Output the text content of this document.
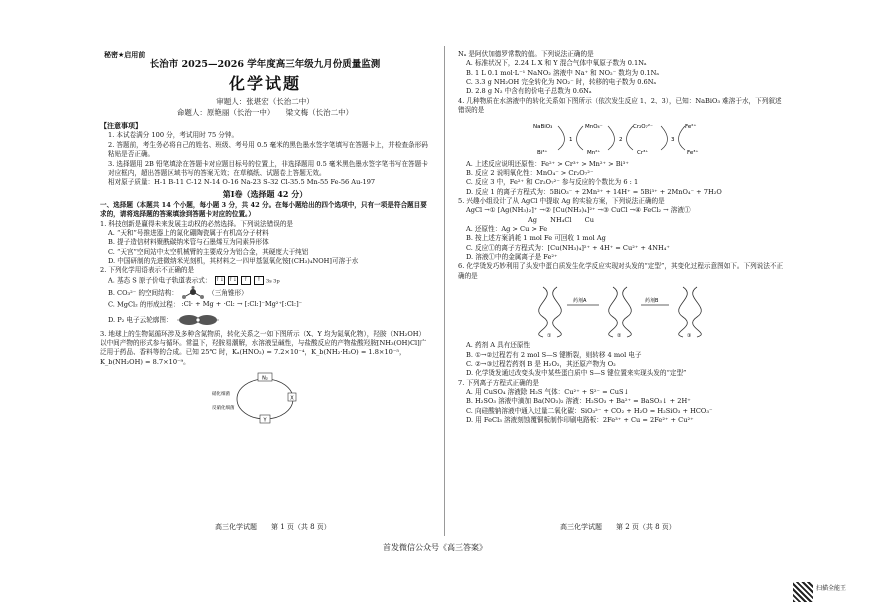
秘密★启用前
长治市 2025—2026 学年度高三年级九月份质量监测
化学试题
审题人：张堪宏（长治二中）
命题人：原艳丽（长治一中）　　梁文梅（长治二中）
【注意事项】

1. 本试卷满分 100 分，考试用时 75 分钟。

2. 答题前，考生务必将自己的姓名、班级、考号用 0.5 毫米的黑色墨水签字笔填写在答题卡上，并检查条形码粘贴是否正确。

3. 选择题用 2B 铅笔填涂在答题卡对应题目标号的位置上，非选择题用 0.5 毫米黑色墨水签字笔书写在答题卡对应框内，超出答题区域书写的答案无效；在草稿纸、试题卷上答题无效。

相对原子质量：H-1 B-11 C-12 N-14 O-16 Na-23 S-32 Cl-35.5 Mn-55 Fe-56 Au-197

第Ⅰ卷（选择题 42 分）

一、选择题（本题共 14 个小题，每小题 3 分，共 42 分。在每小题给出的四个选项中，只有一项是符合题目要求的，请将选择题的答案填涂到答题卡对应的位置。）

1. 科技创新是赢得未来发展主动权的必然选择。下列说法错误的是

A. “天和”号推进器上的氮化硼陶瓷属于有机高分子材料

B. 提子造信材料聚酰碳纳米管与石墨烯互为同素异形体

C. “天宫”空间站中太空机械臂的主要成分为铝合金，其硬度大于纯铝

D. 中国研制的先进微纳米光刻机，其材料之一四甲基氢氧化铵[(CH₃)₄NOH]可溶于水

2. 下列化学用语表示不正确的是

A. 基态 S 原子价电子轨道表示式： ↑↓ ↑↓ ↑ ↑ 3s 3p

B. CO₃²⁻ 的空间结构：	（三角锥形）

C. MgCl₂ 的形成过程： :Cl· + Mg + ·Cl: → [:Cl:]⁻Mg²⁺[:Cl:]⁻

D. P₂ 电子云轮廓图：

3. 地球上的生物氮循环涉及多种含氮物质，转化关系之一如下图所示（X、Y 均为氮氧化物），羟胺（NH₂OH）以中间产物的形式参与循环。常温下，羟胺易潮解，水溶液呈碱性，与盐酸反应的产物盐酸羟胺[NH₃(OH)Cl]广泛用于药品、香料等的合成。已知 25℃ 时，Kₐ(HNO₂) = 7.2×10⁻⁴，K_b(NH₂·H₂O) = 1.8×10⁻⁵，K_b(NH₂OH) = 8.7×10⁻⁹。

N₂
X
Y
硝化细菌
反硝化细菌

Nₐ 是阿伏加德罗常数的值。下列说法正确的是

A. 标准状况下，2.24 L X 和 Y 混合气体中氧原子数为 0.1Nₐ

B. 1 L 0.1 mol·L⁻¹ NaNO₂ 溶液中 Na⁺ 和 NO₂⁻ 数均为 0.1Nₐ

C. 3.3 g NH₂OH 完全转化为 NO₂⁻ 时，转移的电子数为 0.6Nₐ

D. 2.8 g N₂ 中含有的价电子总数为 0.6Nₐ

4. 几种物质在水溶液中的转化关系如下图所示（依次发生反应 1、2、3），已知：NaBiO₃ 难溶于水，下列叙述错误的是

NaBiO₃	MnO₄⁻	Cr₂O₇²⁻	Fe²⁺
Bi³⁺	Mn²⁺	Cr³⁺	Fe³⁺
1	2	3

A. 上述反应说明还原性：Fe²⁺ > Cr³⁺ > Mn²⁺ > Bi³⁺

B. 反应 2 说明氧化性：MnO₄⁻ > Cr₂O₇²⁻

C. 反应 3 中，Fe²⁺ 和 Cr₂O₇²⁻ 参与反应的个数比为 6 : 1

D. 反应 1 的离子方程式为：5BiO₃⁻ + 2Mn²⁺ + 14H⁺ = 5Bi³⁺ + 2MnO₄⁻ + 7H₂O

5. 兴趣小组设计了从 AgCl 中提取 Ag 的实验方案，下列说法正确的是

AgCl →① [Ag(NH₃)₂]⁺ →② [Cu(NH₃)₄]²⁺ →③ CuCl →④ FeCl₂ → 溶液①

Ag　　NH₄Cl　　Cu

A. 还原性：Ag > Cu > Fe

B. 按上述方案消耗 1 mol Fe 可回收 1 mol Ag

C. 反应①的离子方程式为：[Cu(NH₃)₄]²⁺ + 4H⁺ = Cu²⁺ + 4NH₄⁺

D. 溶液①中的金属离子是 Fe²⁺

6. 化学烫发巧妙利用了头发中蛋白质发生化学反应实现对头发的“定型”，其变化过程示意图如下。下列说法不正确的是

药剂A	药剂B
①	②	③

A. 药剂 A 具有还原性

B. ①→②过程若有 2 mol S—S 键断裂，则转移 4 mol 电子

C. ②→③过程若药剂 B 是 H₂O₂，其还原产物为 O₂

D. 化学烫发通过改变头发中某些蛋白质中 S—S 键位置来实现头发的“定型”

7. 下列离子方程式正确的是

A. 用 CuSO₄ 溶液除 H₂S 气体：Cu²⁺ + S²⁻ = CuS↓

B. H₂SO₃ 溶液中滴加 Ba(NO₃)₂ 溶液：H₂SO₃ + Ba²⁺ = BaSO₃↓ + 2H⁺

C. 向硅酸钠溶液中通入过量二氧化碳：SiO₃²⁻ + CO₂ + H₂O = H₂SiO₃ + HCO₃⁻

D. 用 FeCl₃ 溶液刻蚀覆铜板制作印刷电路板：2Fe³⁺ + Cu = 2Fe²⁺ + Cu²⁺

高三化学试题　　第 1 页（共 8 页）	高三化学试题　　第 2 页（共 8 页）
首发微信公众号《高三答案》
扫描全能王
